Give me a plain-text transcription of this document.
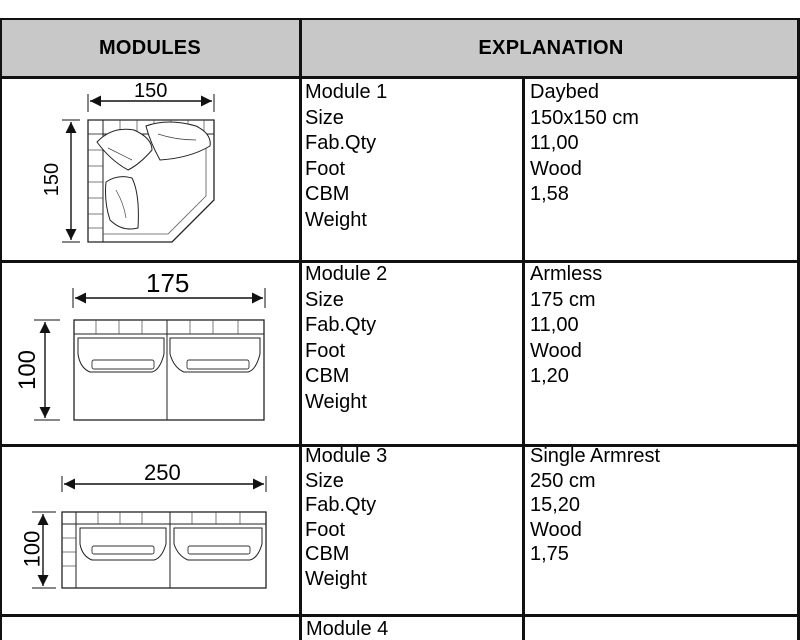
MODULES	EXPLANATION
Module 1
Size
Fab.Qty
Foot
CBM
Weight
Daybed
150x150 cm
11,00
Wood
1,58
Module 2
Size
Fab.Qty
Foot
CBM
Weight
Armless
175 cm
11,00
Wood
1,20
Module 3
Size
Fab.Qty
Foot
CBM
Weight
Single Armrest
250 cm
15,20
Wood
1,75
Module 4
150
150
175
100
250
100
